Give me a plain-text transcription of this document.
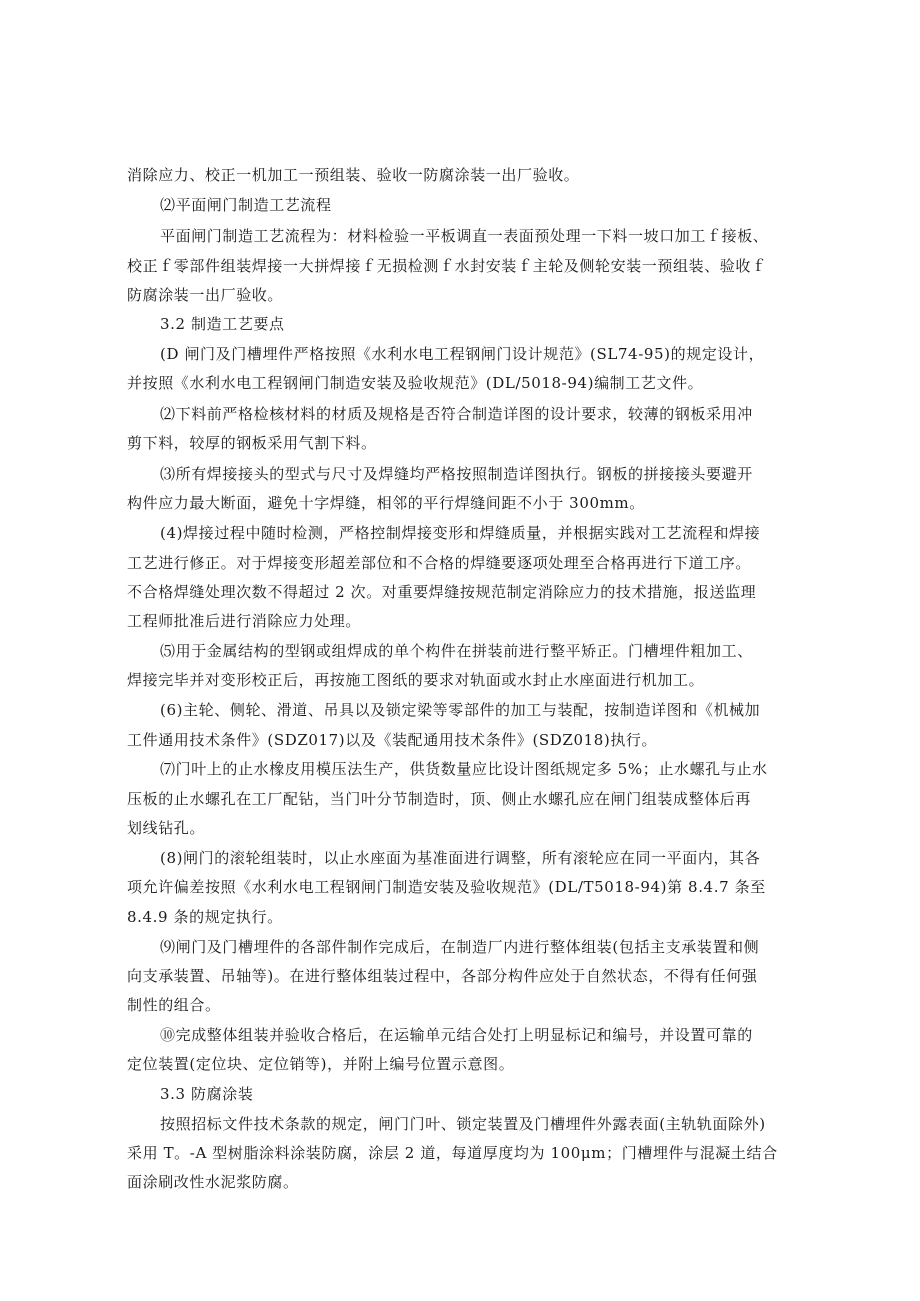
消除应力、校正一机加工一预组装、验收一防腐涂装一出厂验收。
⑵平面闸门制造工艺流程
平面闸门制造工艺流程为：材料检验一平板调直一表面预处理一下料一坡口加工ｆ接板、
校正ｆ零部件组装焊接一大拼焊接ｆ无损检测ｆ水封安装ｆ主轮及侧轮安装一预组装、验收ｆ
防腐涂装一出厂验收。
3.2 制造工艺要点
(D 闸门及门槽埋件严格按照《水利水电工程钢闸门设计规范》(SL74-95)的规定设计，
并按照《水利水电工程钢闸门制造安装及验收规范》(DL/5018-94)编制工艺文件。
⑵下料前严格检核材料的材质及规格是否符合制造详图的设计要求，较薄的钢板采用冲
剪下料，较厚的钢板采用气割下料。
⑶所有焊接接头的型式与尺寸及焊缝均严格按照制造详图执行。钢板的拼接接头要避开
构件应力最大断面，避免十字焊缝，相邻的平行焊缝间距不小于 300mm。
(4)焊接过程中随时检测，严格控制焊接变形和焊缝质量，并根据实践对工艺流程和焊接
工艺进行修正。对于焊接变形超差部位和不合格的焊缝要逐项处理至合格再进行下道工序。
不合格焊缝处理次数不得超过 2 次。对重要焊缝按规范制定消除应力的技术措施，报送监理
工程师批准后进行消除应力处理。
⑸用于金属结构的型钢或组焊成的单个构件在拼装前进行整平矫正。门槽埋件粗加工、
焊接完毕并对变形校正后，再按施工图纸的要求对轨面或水封止水座面进行机加工。
(6)主轮、侧轮、滑道、吊具以及锁定梁等零部件的加工与装配，按制造详图和《机械加
工件通用技术条件》(SDZ017)以及《装配通用技术条件》(SDZ018)执行。
⑺门叶上的止水橡皮用模压法生产，供货数量应比设计图纸规定多 5%；止水螺孔与止水
压板的止水螺孔在工厂配钻，当门叶分节制造时，顶、侧止水螺孔应在闸门组装成整体后再
划线钻孔。
(8)闸门的滚轮组装时，以止水座面为基准面进行调整，所有滚轮应在同一平面内，其各
项允许偏差按照《水利水电工程钢闸门制造安装及验收规范》(DL/T5018-94)第 8.4.7 条至
8.4.9 条的规定执行。
⑼闸门及门槽埋件的各部件制作完成后，在制造厂内进行整体组装(包括主支承装置和侧
向支承装置、吊轴等)。在进行整体组装过程中，各部分构件应处于自然状态，不得有任何强
制性的组合。
⑩完成整体组装并验收合格后，在运输单元结合处打上明显标记和编号，并设置可靠的
定位装置(定位块、定位销等)，并附上编号位置示意图。
3.3 防腐涂装
按照招标文件技术条款的规定，闸门门叶、锁定装置及门槽埋件外露表面(主轨轨面除外)
采用 T。-A 型树脂涂料涂装防腐，涂层 2 道，每道厚度均为 100μm；门槽埋件与混凝土结合
面涂刷改性水泥浆防腐。
